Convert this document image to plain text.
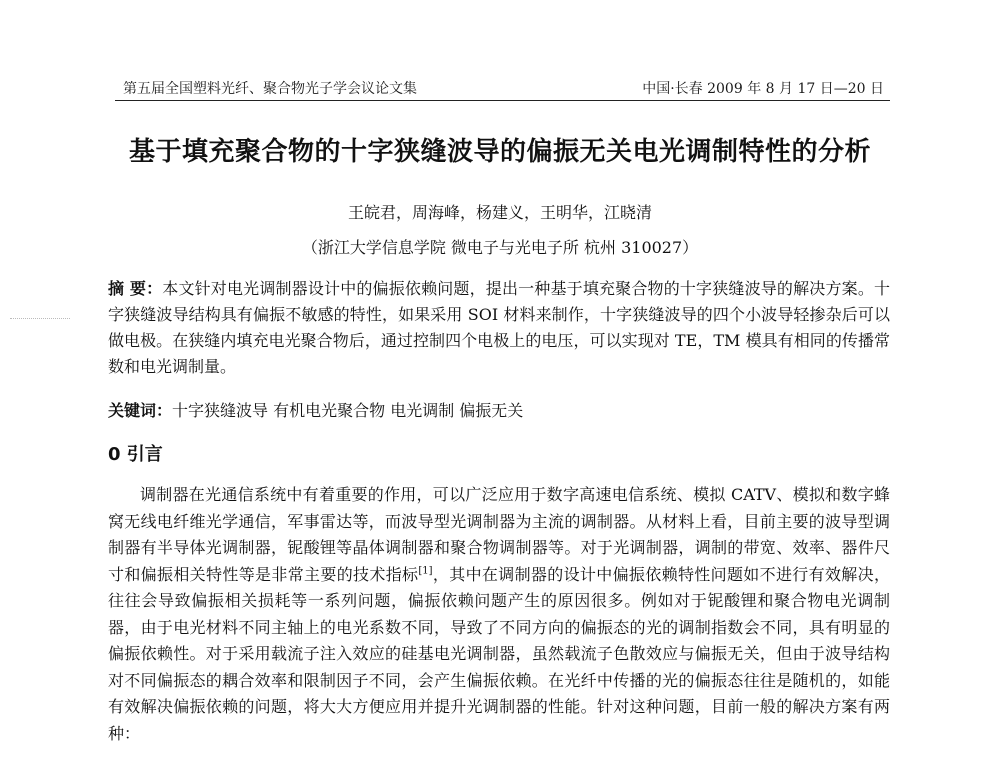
第五届全国塑料光纤、聚合物光子学会议论文集	中国·长春 2009 年 8 月 17 日—20 日
基于填充聚合物的十字狭缝波导的偏振无关电光调制特性的分析
王皖君，周海峰，杨建义，王明华，江晓清
（浙江大学信息学院 微电子与光电子所 杭州 310027）
摘 要：本文针对电光调制器设计中的偏振依赖问题，提出一种基于填充聚合物的十字狭缝波导的解决方案。十字狭缝波导结构具有偏振不敏感的特性，如果采用 SOI 材料来制作，十字狭缝波导的四个小波导轻掺杂后可以做电极。在狭缝内填充电光聚合物后，通过控制四个电极上的电压，可以实现对 TE，TM 模具有相同的传播常数和电光调制量。
关键词：十字狭缝波导 有机电光聚合物 电光调制 偏振无关
0 引言
调制器在光通信系统中有着重要的作用，可以广泛应用于数字高速电信系统、模拟 CATV、模拟和数字蜂窝无线电纤维光学通信，军事雷达等，而波导型光调制器为主流的调制器。从材料上看，目前主要的波导型调制器有半导体光调制器，铌酸锂等晶体调制器和聚合物调制器等。对于光调制器，调制的带宽、效率、器件尺寸和偏振相关特性等是非常主要的技术指标[1]，其中在调制器的设计中偏振依赖特性问题如不进行有效解决，往往会导致偏振相关损耗等一系列问题，偏振依赖问题产生的原因很多。例如对于铌酸锂和聚合物电光调制器，由于电光材料不同主轴上的电光系数不同，导致了不同方向的偏振态的光的调制指数会不同，具有明显的偏振依赖性。对于采用载流子注入效应的硅基电光调制器，虽然载流子色散效应与偏振无关，但由于波导结构对不同偏振态的耦合效率和限制因子不同，会产生偏振依赖。在光纤中传播的光的偏振态往往是随机的，如能有效解决偏振依赖的问题，将大大方便应用并提升光调制器的性能。针对这种问题，目前一般的解决方案有两种：
